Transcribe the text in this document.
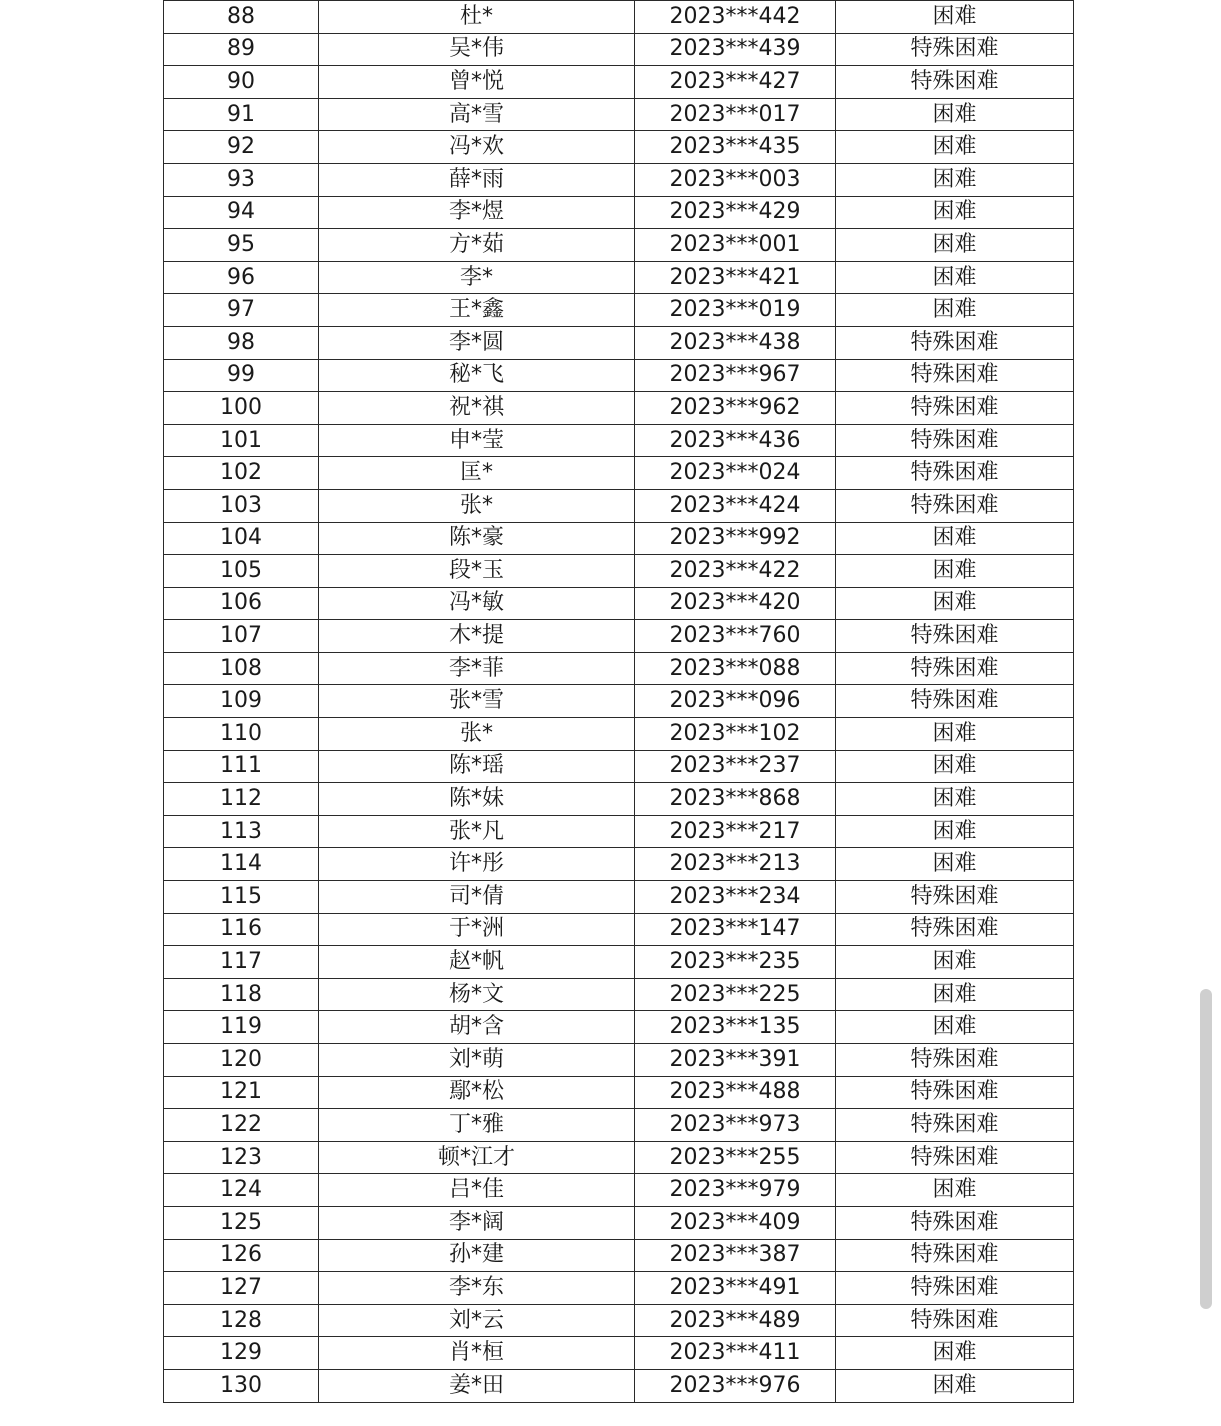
88	杜*	2023***442	困难
89	吴*伟	2023***439	特殊困难
90	曾*悦	2023***427	特殊困难
91	高*雪	2023***017	困难
92	冯*欢	2023***435	困难
93	薛*雨	2023***003	困难
94	李*煜	2023***429	困难
95	方*茹	2023***001	困难
96	李*	2023***421	困难
97	王*鑫	2023***019	困难
98	李*圆	2023***438	特殊困难
99	秘*飞	2023***967	特殊困难
100	祝*祺	2023***962	特殊困难
101	申*莹	2023***436	特殊困难
102	匡*	2023***024	特殊困难
103	张*	2023***424	特殊困难
104	陈*豪	2023***992	困难
105	段*玉	2023***422	困难
106	冯*敏	2023***420	困难
107	木*提	2023***760	特殊困难
108	李*菲	2023***088	特殊困难
109	张*雪	2023***096	特殊困难
110	张*	2023***102	困难
111	陈*瑶	2023***237	困难
112	陈*妹	2023***868	困难
113	张*凡	2023***217	困难
114	许*彤	2023***213	困难
115	司*倩	2023***234	特殊困难
116	于*洲	2023***147	特殊困难
117	赵*帆	2023***235	困难
118	杨*文	2023***225	困难
119	胡*含	2023***135	困难
120	刘*萌	2023***391	特殊困难
121	鄢*松	2023***488	特殊困难
122	丁*雅	2023***973	特殊困难
123	顿*江才	2023***255	特殊困难
124	吕*佳	2023***979	困难
125	李*阔	2023***409	特殊困难
126	孙*建	2023***387	特殊困难
127	李*东	2023***491	特殊困难
128	刘*云	2023***489	特殊困难
129	肖*桓	2023***411	困难
130	姜*田	2023***976	困难
